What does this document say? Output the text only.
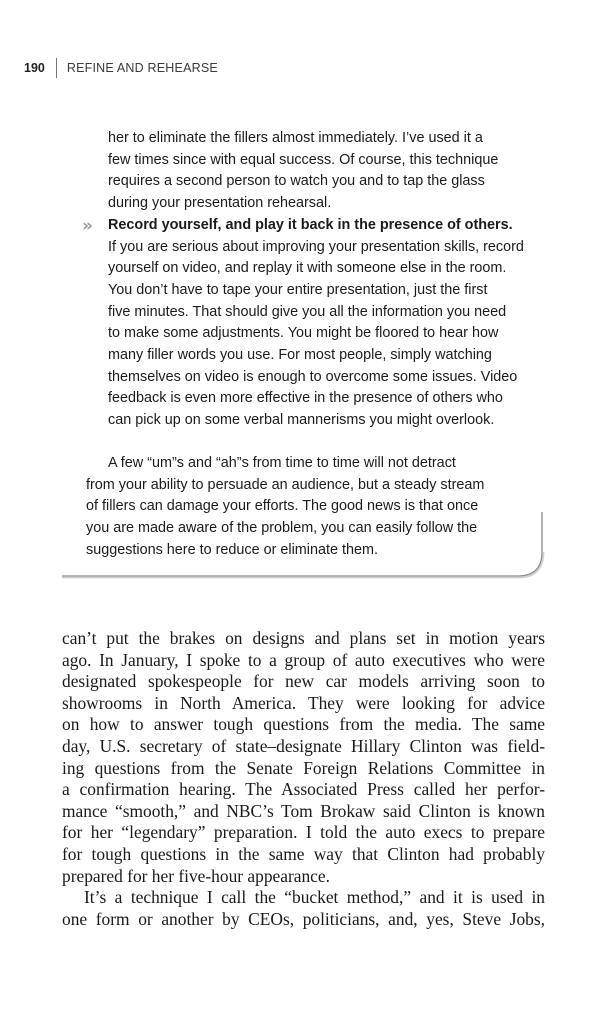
190 REFINE AND REHEARSE
her to eliminate the fillers almost immediately. I’ve used it a
few times since with equal success. Of course, this technique
requires a second person to watch you and to tap the glass
during your presentation rehearsal.
Record yourself, and play it back in the presence of others.
If you are serious about improving your presentation skills, record
yourself on video, and replay it with someone else in the room.
You don’t have to tape your entire presentation, just the first
five minutes. That should give you all the information you need
to make some adjustments. You might be floored to hear how
many filler words you use. For most people, simply watching
themselves on video is enough to overcome some issues. Video
feedback is even more effective in the presence of others who
can pick up on some verbal mannerisms you might overlook.
A few “um”s and “ah”s from time to time will not detract
from your ability to persuade an audience, but a steady stream
of fillers can damage your efforts. The good news is that once
you are made aware of the problem, you can easily follow the
suggestions here to reduce or eliminate them.
»
can’t put the brakes on designs and plans set in motion years
ago. In January, I spoke to a group of auto executives who were
designated spokespeople for new car models arriving soon to
showrooms in North America. They were looking for advice
on how to answer tough questions from the media. The same
day, U.S. secretary of state–designate Hillary Clinton was field-
ing questions from the Senate Foreign Relations Committee in
a confirmation hearing. The Associated Press called her perfor-
mance “smooth,” and NBC’s Tom Brokaw said Clinton is known
for her “legendary” preparation. I told the auto execs to prepare
for tough questions in the same way that Clinton had probably
prepared for her five-hour appearance.
It’s a technique I call the “bucket method,” and it is used in
one form or another by CEOs, politicians, and, yes, Steve Jobs,
